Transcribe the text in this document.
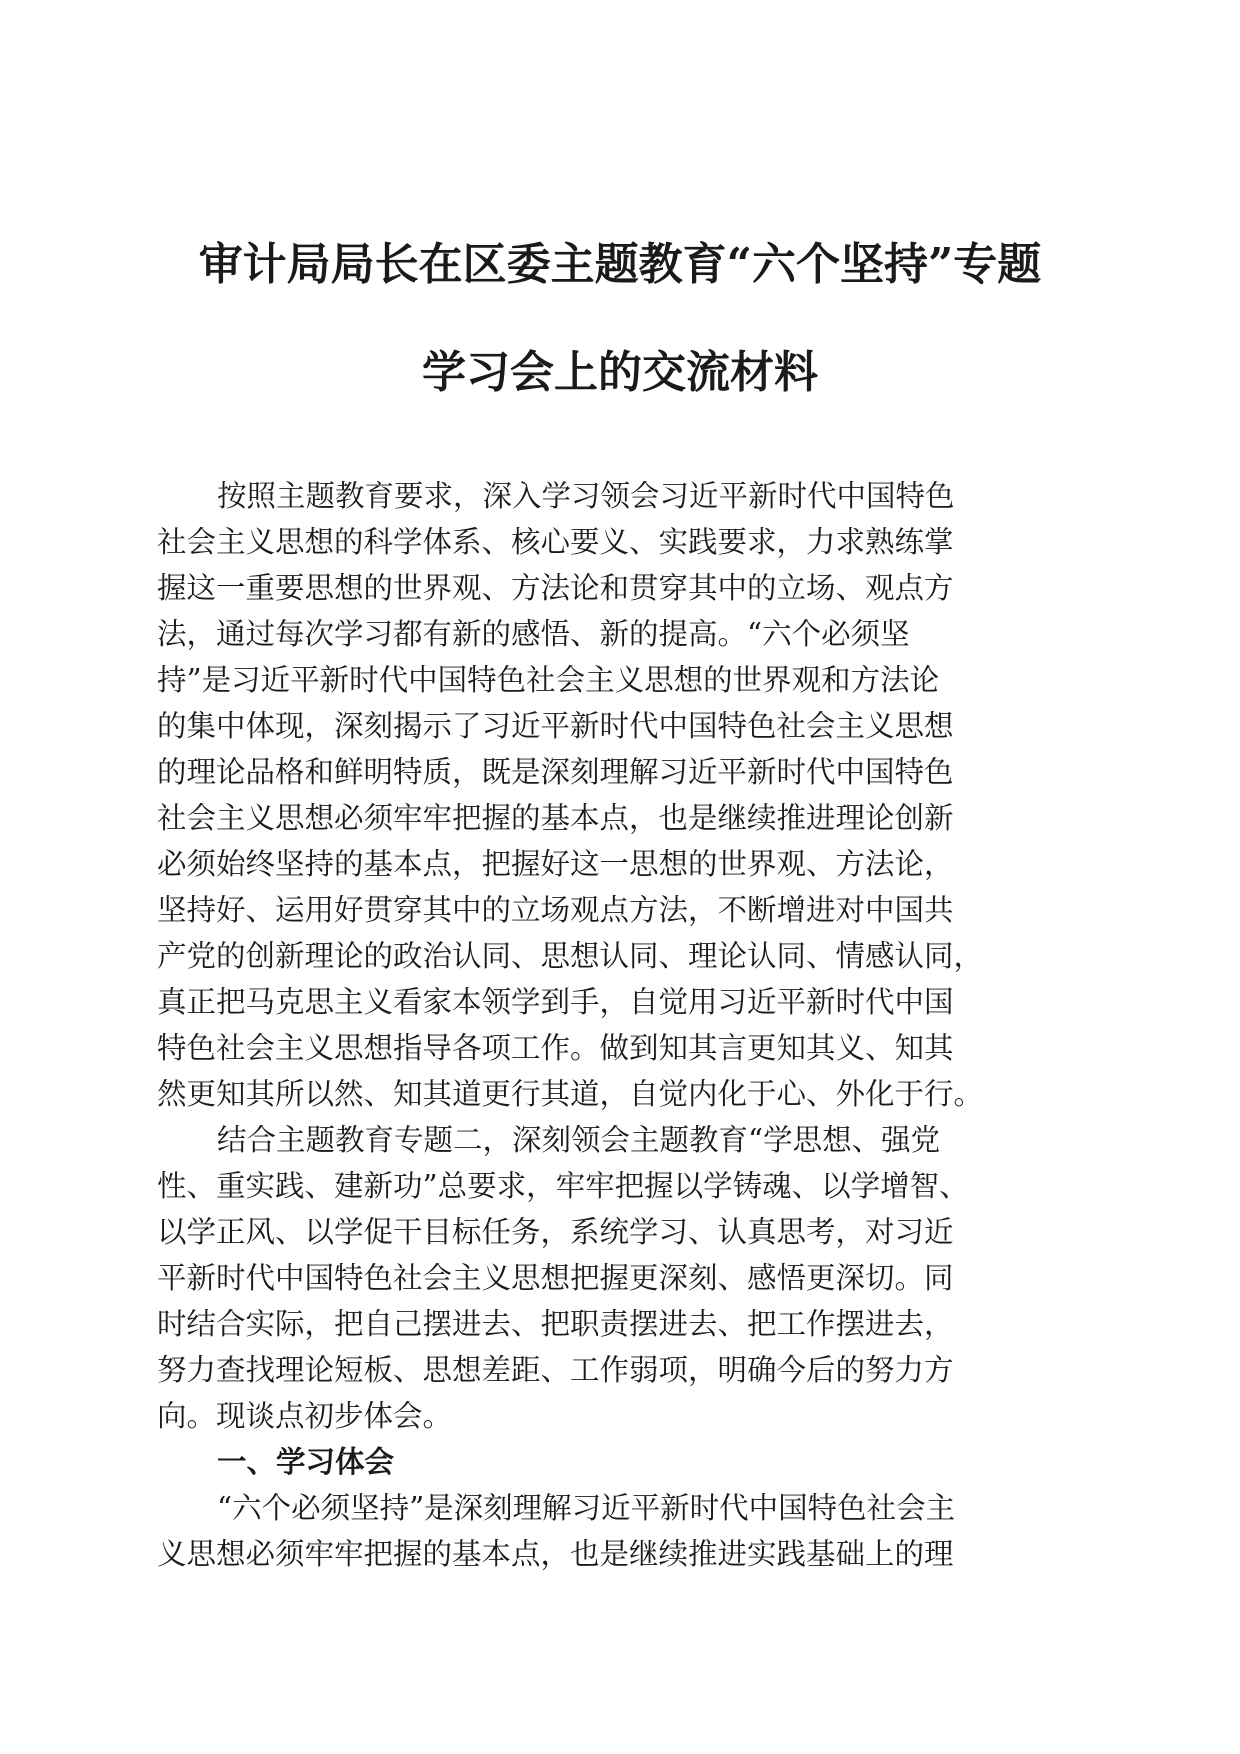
审计局局长在区委主题教育“六个坚持”专题
学习会上的交流材料
按照主题教育要求，深入学习领会习近平新时代中国特色
社会主义思想的科学体系、核心要义、实践要求，力求熟练掌
握这一重要思想的世界观、方法论和贯穿其中的立场、观点方
法，通过每次学习都有新的感悟、新的提高。“六个必须坚
持”是习近平新时代中国特色社会主义思想的世界观和方法论
的集中体现，深刻揭示了习近平新时代中国特色社会主义思想
的理论品格和鲜明特质，既是深刻理解习近平新时代中国特色
社会主义思想必须牢牢把握的基本点，也是继续推进理论创新
必须始终坚持的基本点，把握好这一思想的世界观、方法论，
坚持好、运用好贯穿其中的立场观点方法，不断增进对中国共
产党的创新理论的政治认同、思想认同、理论认同、情感认同，
真正把马克思主义看家本领学到手，自觉用习近平新时代中国
特色社会主义思想指导各项工作。做到知其言更知其义、知其
然更知其所以然、知其道更行其道，自觉内化于心、外化于行。
结合主题教育专题二，深刻领会主题教育“学思想、强党
性、重实践、建新功”总要求，牢牢把握以学铸魂、以学增智、
以学正风、以学促干目标任务，系统学习、认真思考，对习近
平新时代中国特色社会主义思想把握更深刻、感悟更深切。同
时结合实际，把自己摆进去、把职责摆进去、把工作摆进去，
努力查找理论短板、思想差距、工作弱项，明确今后的努力方
向。现谈点初步体会。
一、学习体会
“六个必须坚持”是深刻理解习近平新时代中国特色社会主
义思想必须牢牢把握的基本点，也是继续推进实践基础上的理
